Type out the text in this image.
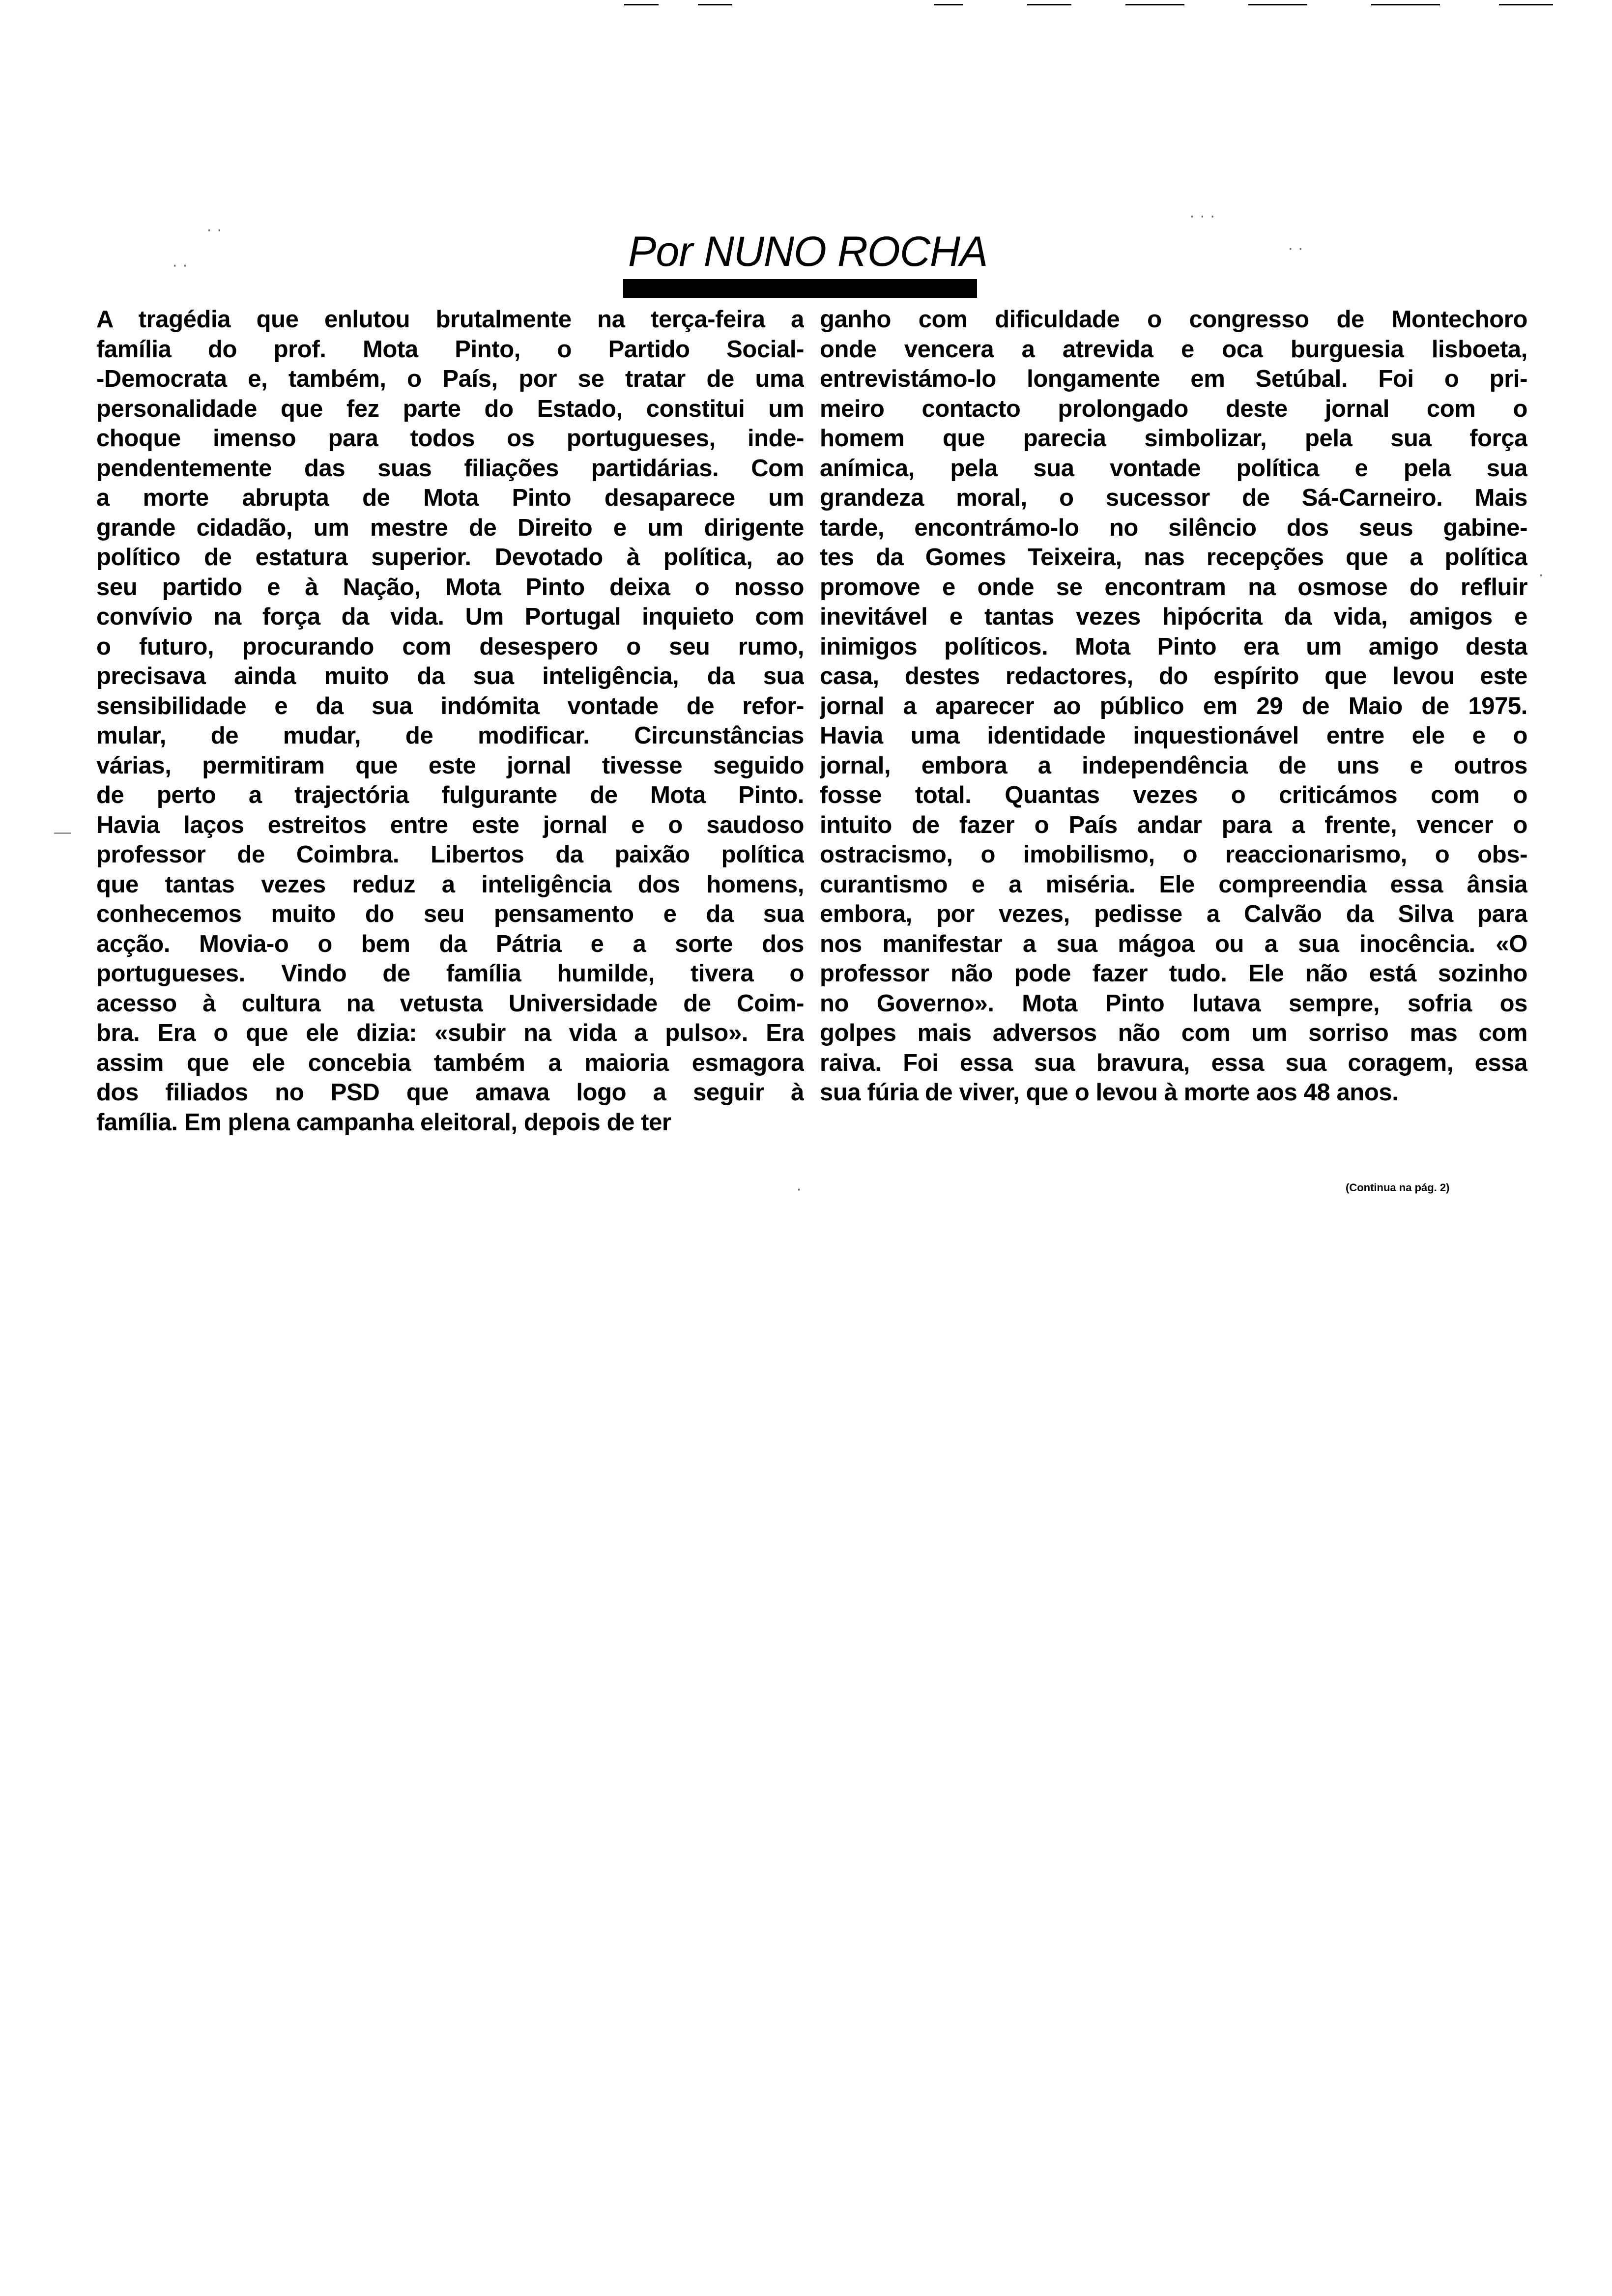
· ·
· ·
· · ·
· ·
—
·
·
Por NUNO ROCHA
A tragédia que enlutou brutalmente na terça-feira a
família do prof. Mota Pinto, o Partido Social-
-Democrata e, também, o País, por se tratar de uma
personalidade que fez parte do Estado, constitui um
choque imenso para todos os portugueses, inde-
pendentemente das suas filiações partidárias. Com
a morte abrupta de Mota Pinto desaparece um
grande cidadão, um mestre de Direito e um dirigente
político de estatura superior. Devotado à política, ao
seu partido e à Nação, Mota Pinto deixa o nosso
convívio na força da vida. Um Portugal inquieto com
o futuro, procurando com desespero o seu rumo,
precisava ainda muito da sua inteligência, da sua
sensibilidade e da sua indómita vontade de refor-
mular, de mudar, de modificar. Circunstâncias
várias, permitiram que este jornal tivesse seguido
de perto a trajectória fulgurante de Mota Pinto.
Havia laços estreitos entre este jornal e o saudoso
professor de Coimbra. Libertos da paixão política
que tantas vezes reduz a inteligência dos homens,
conhecemos muito do seu pensamento e da sua
acção. Movia-o o bem da Pátria e a sorte dos
portugueses. Vindo de família humilde, tivera o
acesso à cultura na vetusta Universidade de Coim-
bra. Era o que ele dizia: «subir na vida a pulso». Era
assim que ele concebia também a maioria esmagora
dos filiados no PSD que amava logo a seguir à
família. Em plena campanha eleitoral, depois de ter
ganho com dificuldade o congresso de Montechoro
onde vencera a atrevida e oca burguesia lisboeta,
entrevistámo-lo longamente em Setúbal. Foi o pri-
meiro contacto prolongado deste jornal com o
homem que parecia simbolizar, pela sua força
anímica, pela sua vontade política e pela sua
grandeza moral, o sucessor de Sá-Carneiro. Mais
tarde, encontrámo-lo no silêncio dos seus gabine-
tes da Gomes Teixeira, nas recepções que a política
promove e onde se encontram na osmose do refluir
inevitável e tantas vezes hipócrita da vida, amigos e
inimigos políticos. Mota Pinto era um amigo desta
casa, destes redactores, do espírito que levou este
jornal a aparecer ao público em 29 de Maio de 1975.
Havia uma identidade inquestionável entre ele e o
jornal, embora a independência de uns e outros
fosse total. Quantas vezes o criticámos com o
intuito de fazer o País andar para a frente, vencer o
ostracismo, o imobilismo, o reaccionarismo, o obs-
curantismo e a miséria. Ele compreendia essa ânsia
embora, por vezes, pedisse a Calvão da Silva para
nos manifestar a sua mágoa ou a sua inocência. «O
professor não pode fazer tudo. Ele não está sozinho
no Governo». Mota Pinto lutava sempre, sofria os
golpes mais adversos não com um sorriso mas com
raiva. Foi essa sua bravura, essa sua coragem, essa
sua fúria de viver, que o levou à morte aos 48 anos.
(Continua na pág. 2)
